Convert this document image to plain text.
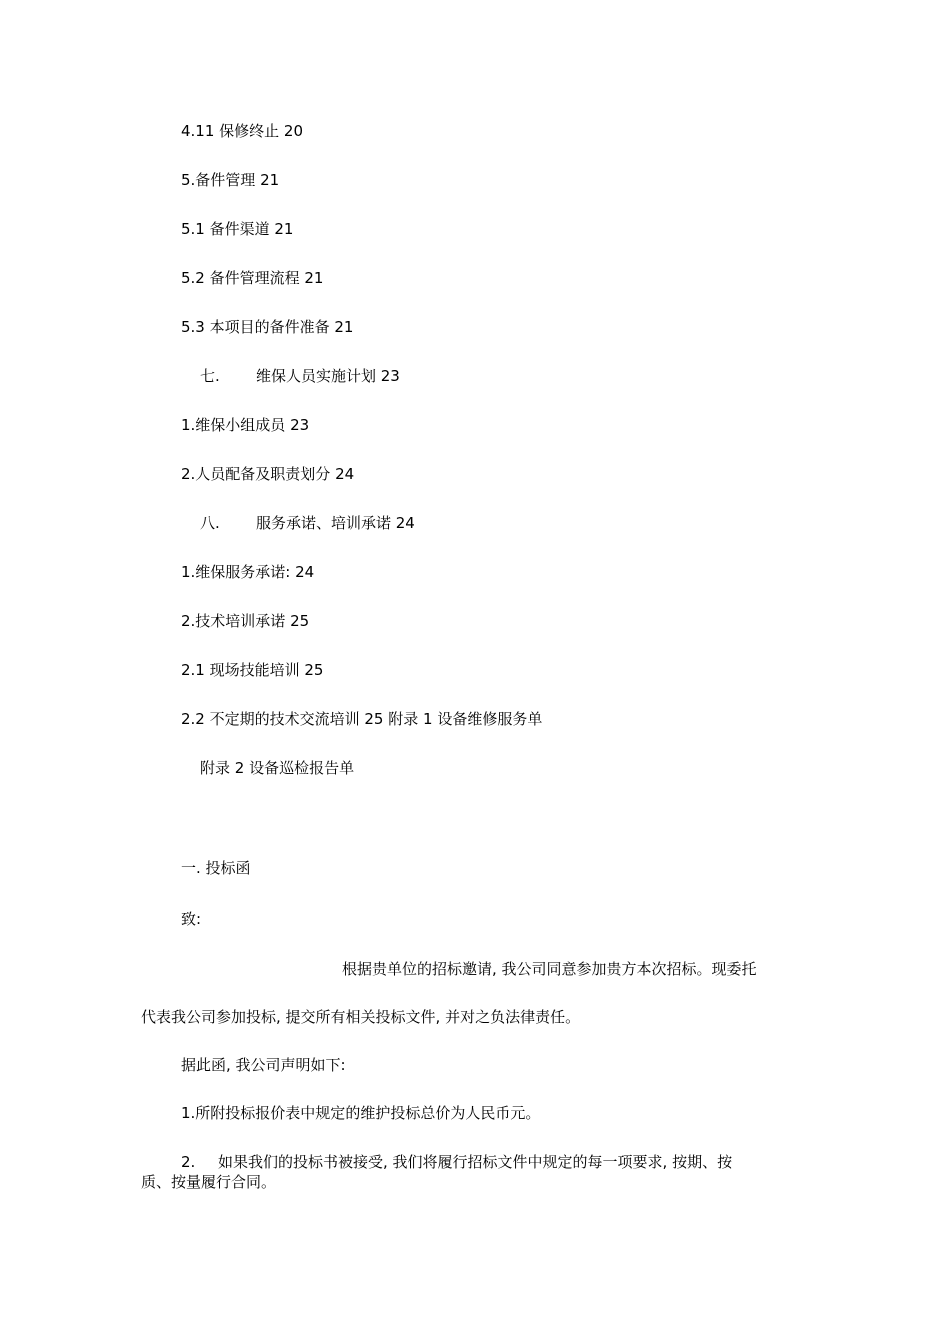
4.11 保修终止 20

5.备件管理 21

5.1 备件渠道 21

5.2 备件管理流程 21

5.3 本项目的备件准备 21

七. 维保人员实施计划 23

1.维保小组成员 23

2.人员配备及职责划分 24

八. 服务承诺、培训承诺 24

1.维保服务承诺: 24

2.技术培训承诺 25

2.1 现场技能培训 25

2.2 不定期的技术交流培训 25 附录 1 设备维修服务单

附录 2 设备巡检报告单

一. 投标函

致:

根据贵单位的招标邀请, 我公司同意参加贵方本次招标。现委托

代表我公司参加投标, 提交所有相关投标文件, 并对之负法律责任。

据此函, 我公司声明如下:

1.所附投标报价表中规定的维护投标总价为人民币元。

2. 如果我们的投标书被接受, 我们将履行招标文件中规定的每一项要求, 按期、按

质、按量履行合同。
